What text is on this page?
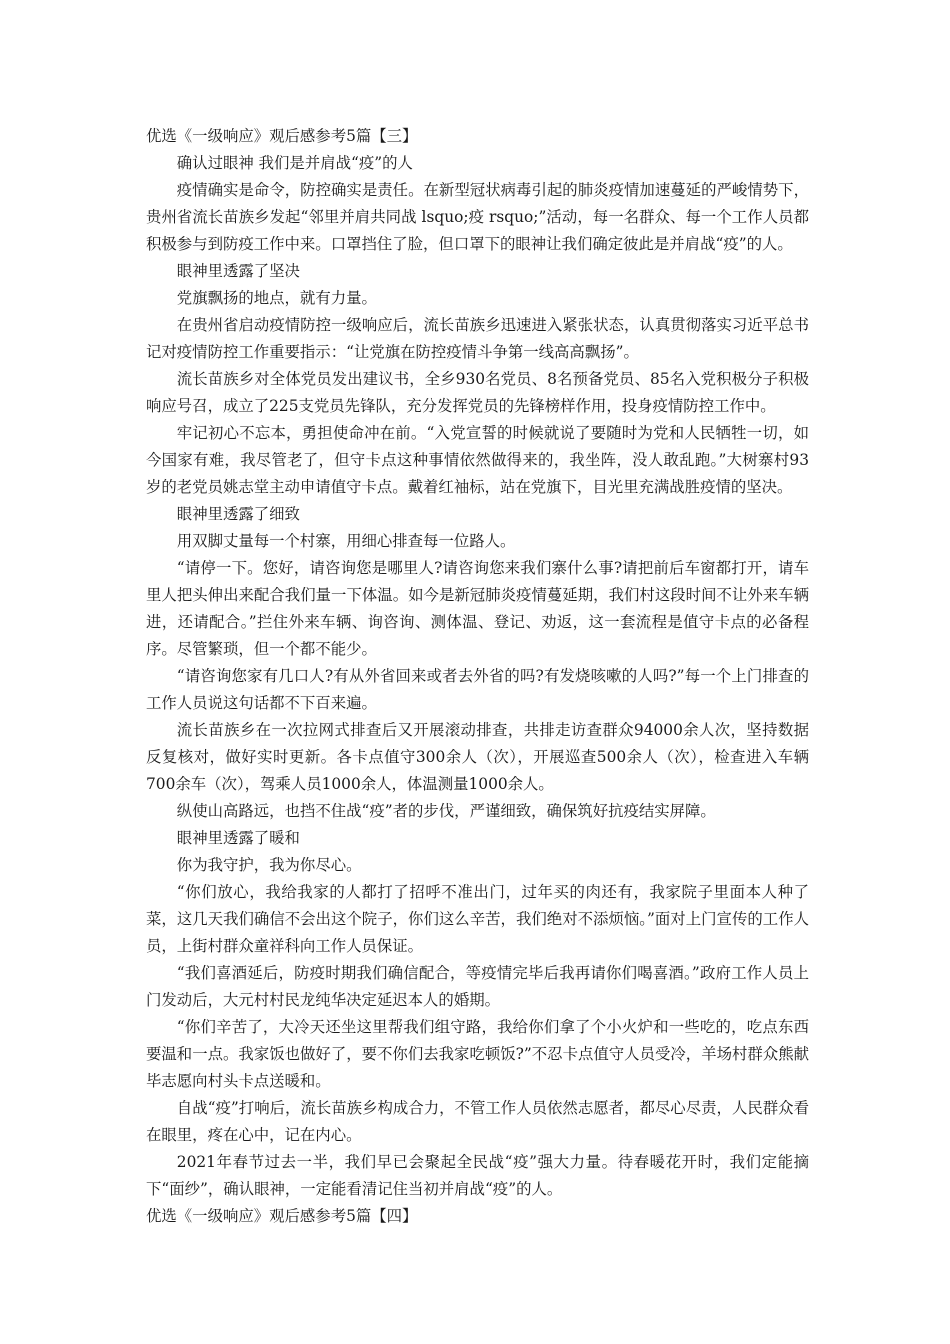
优选《一级响应》观后感参考5篇【三】

确认过眼神 我们是并肩战“疫”的人

疫情确实是命令，防控确实是责任。在新型冠状病毒引起的肺炎疫情加速蔓延的严峻情势下，贵州省流长苗族乡发起“邻里并肩共同战 lsquo;疫 rsquo;”活动，每一名群众、每一个工作人员都积极参与到防疫工作中来。口罩挡住了脸，但口罩下的眼神让我们确定彼此是并肩战“疫”的人。

眼神里透露了坚决

党旗飘扬的地点，就有力量。

在贵州省启动疫情防控一级响应后，流长苗族乡迅速进入紧张状态，认真贯彻落实习近平总书记对疫情防控工作重要指示：“让党旗在防控疫情斗争第一线高高飘扬”。

流长苗族乡对全体党员发出建议书，全乡930名党员、8名预备党员、85名入党积极分子积极响应号召，成立了225支党员先锋队，充分发挥党员的先锋榜样作用，投身疫情防控工作中。

牢记初心不忘本，勇担使命冲在前。“入党宣誓的时候就说了要随时为党和人民牺牲一切，如今国家有难，我尽管老了，但守卡点这种事情依然做得来的，我坐阵，没人敢乱跑。”大树寨村93岁的老党员姚志堂主动申请值守卡点。戴着红袖标，站在党旗下，目光里充满战胜疫情的坚决。

眼神里透露了细致

用双脚丈量每一个村寨，用细心排查每一位路人。

“请停一下。您好，请咨询您是哪里人?请咨询您来我们寨什么事?请把前后车窗都打开，请车里人把头伸出来配合我们量一下体温。如今是新冠肺炎疫情蔓延期，我们村这段时间不让外来车辆进，还请配合。”拦住外来车辆、询咨询、测体温、登记、劝返，这一套流程是值守卡点的必备程序。尽管繁琐，但一个都不能少。

“请咨询您家有几口人?有从外省回来或者去外省的吗?有发烧咳嗽的人吗?”每一个上门排查的工作人员说这句话都不下百来遍。

流长苗族乡在一次拉网式排查后又开展滚动排查，共排走访查群众94000余人次，坚持数据反复核对，做好实时更新。各卡点值守300余人（次），开展巡查500余人（次），检查进入车辆700余车（次），驾乘人员1000余人，体温测量1000余人。

纵使山高路远，也挡不住战“疫”者的步伐，严谨细致，确保筑好抗疫结实屏障。

眼神里透露了暖和

你为我守护，我为你尽心。

“你们放心，我给我家的人都打了招呼不准出门，过年买的肉还有，我家院子里面本人种了菜，这几天我们确信不会出这个院子，你们这么辛苦，我们绝对不添烦恼。”面对上门宣传的工作人员，上街村群众童祥科向工作人员保证。

“我们喜酒延后，防疫时期我们确信配合，等疫情完毕后我再请你们喝喜酒。”政府工作人员上门发动后，大元村村民龙纯华决定延迟本人的婚期。

“你们辛苦了，大冷天还坐这里帮我们组守路，我给你们拿了个小火炉和一些吃的，吃点东西要温和一点。我家饭也做好了，要不你们去我家吃顿饭?”不忍卡点值守人员受冷，羊场村群众熊献毕志愿向村头卡点送暖和。

自战“疫”打响后，流长苗族乡构成合力，不管工作人员依然志愿者，都尽心尽责，人民群众看在眼里，疼在心中，记在内心。

2021年春节过去一半，我们早已会聚起全民战“疫”强大力量。待春暖花开时，我们定能摘下“面纱”，确认眼神，一定能看清记住当初并肩战“疫”的人。

优选《一级响应》观后感参考5篇【四】
